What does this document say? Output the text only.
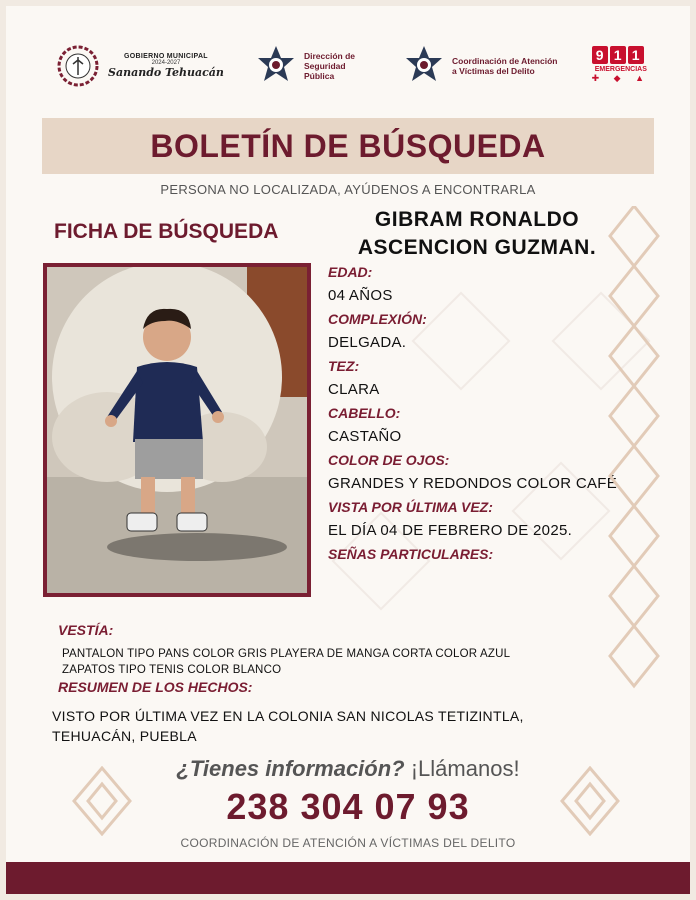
GOBIERNO MUNICIPAL
2024-2027
Sanando Tehuacán
Dirección de Seguridad Pública
Coordinación de Atención a Víctimas del Delito
9 1 1
EMERGENCIAS
✚ ◆ ▲
BOLETÍN DE BÚSQUEDA
PERSONA NO LOCALIZADA, AYÚDENOS A ENCONTRARLA
FICHA DE BÚSQUEDA
GIBRAM RONALDO
ASCENCION GUZMAN.
EDAD:
04 AÑOS
COMPLEXIÓN:
DELGADA.
TEZ:
CLARA
CABELLO:
CASTAÑO
COLOR DE OJOS:
GRANDES Y REDONDOS COLOR CAFÉ.
VISTA POR ÚLTIMA VEZ:
EL DÍA 04 DE FEBRERO DE 2025.
SEÑAS PARTICULARES:
VESTÍA:
PANTALON TIPO PANS COLOR GRIS PLAYERA DE MANGA CORTA COLOR AZUL
ZAPATOS TIPO TENIS COLOR BLANCO
RESUMEN DE LOS HECHOS:
VISTO POR ÚLTIMA VEZ EN LA COLONIA SAN NICOLAS TETIZINTLA,
TEHUACÁN, PUEBLA
¿Tienes información? ¡Llámanos!
238 304 07 93
COORDINACIÓN DE ATENCIÓN A VÍCTIMAS DEL DELITO
